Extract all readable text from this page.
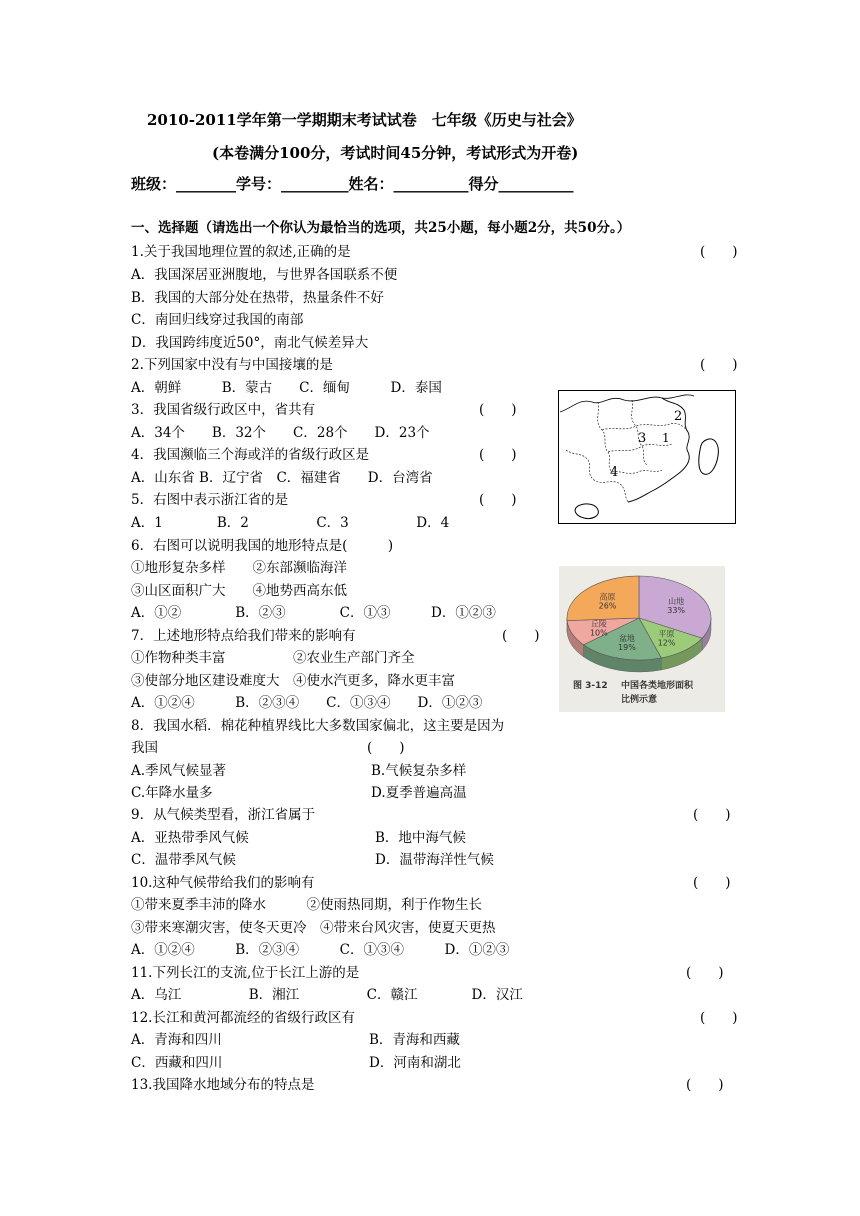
2010-2011学年第一学期期末考试试卷　七年级《历史与社会》
(本卷满分100分，考试时间45分钟，考试形式为开卷)
班级：________学号：_________姓名：__________得分__________
一、选择题（请选出一个你认为最恰当的选项，共25小题，每小题2分，共50分。）
1.关于我国地理位置的叙述,正确的是	(　　)
A．我国深居亚洲腹地，与世界各国联系不便
B．我国的大部分处在热带，热量条件不好
C．南回归线穿过我国的南部
D．我国跨纬度近50°，南北气候差异大
2.下列国家中没有与中国接壤的是	(　　)
A．朝鲜　　　B．蒙古　　C．缅甸　　　D．泰国
3．我国省级行政区中，省共有	(　　)
A．34个　　B．32个　　C．28个　　D．23个
4．我国濒临三个海或洋的省级行政区是	(　　)
A．山东省 B．辽宁省　C．福建省　　D．台湾省
5．右图中表示浙江省的是	(　　)
A．1　　　　B．2　　　　　C．3　　　　　D．4
6．右图可以说明我国的地形特点是(　　　)
①地形复杂多样　　②东部濒临海洋
③山区面积广大　　④地势西高东低
A．①②　　　　B．②③　　　　C．①③　　　D．①②③
7．上述地形特点给我们带来的影响有	(　　)
①作物种类丰富　　　　　②农业生产部门齐全
③使部分地区建设难度大　④使水汽更多，降水更丰富
A．①②④　　　B．②③④　　C．①③④　　D．①②③
8．我国水稻．棉花种植界线比大多数国家偏北，这主要是因为
我国	(　　)
A.季风气候显著	B.气候复杂多样
C.年降水量多	D.夏季普遍高温
9．从气候类型看，浙江省属于	(　　)
A．亚热带季风气候	B．地中海气候
C．温带季风气候	D．温带海洋性气候
10.这种气候带给我们的影响有	(　　)
①带来夏季丰沛的降水　　　②使雨热同期，利于作物生长
③带来寒潮灾害，使冬天更冷　④带来台风灾害，使夏天更热
A．①②④　　　B．②③④　　　C．①③④　　　D．①②③
11.下列长江的支流,位于长江上游的是	(　　)
A．乌江　　　　　B．湘江　　　　　C．赣江　　　　D．汉江
12.长江和黄河都流经的省级行政区有	(　　)
A．青海和四川	B．青海和西藏
C．西藏和四川	D．河南和湖北
13.我国降水地域分布的特点是	(　　)
2
3 1
4
山地
33%
平原
12%
盆地
19%
丘陵
10%
高原
26%
图 3-12 中国各类地形面积
比例示意
